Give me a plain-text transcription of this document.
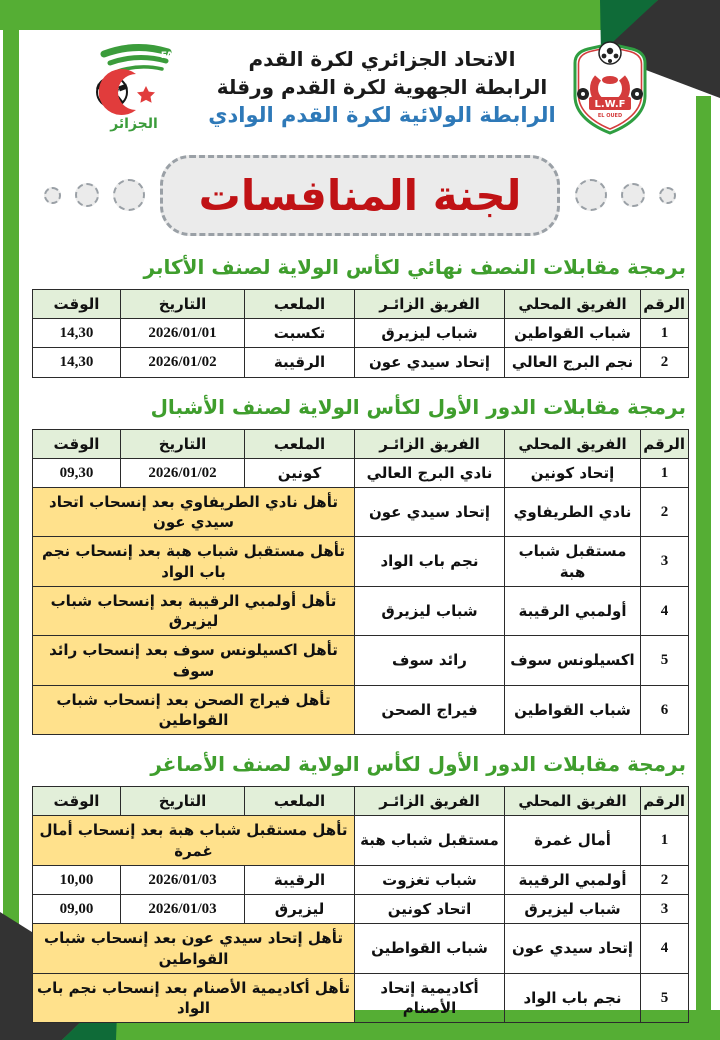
L.W.F
EL OUED
الاتحاد الجزائري لكرة القدم
الرابطة الجهوية لكرة القدم ورقلة
الرابطة الولائية لكرة القدم الوادي
FAF
الجزائر
لجنة المنافسات
برمجة مقابلات النصف نهائي لكأس الولاية لصنف الأكابر
الرقم	الفريق المحلي	الفريق الزائـر	الملعب	التاريخ	الوقت
1	شباب القواطين	شباب ليزيرق	تكسبت	2026/01/01	14,30
2	نجم البرج العالي	إتحاد سيدي عون	الرقيبة	2026/01/02	14,30
برمجة مقابلات الدور الأول لكأس الولاية لصنف الأشبال
الرقم	الفريق المحلي	الفريق الزائـر	الملعب	التاريخ	الوقت
1	إتحاد كونين	نادي البرج العالي	كونين	2026/01/02	09,30
2	نادي الطريفاوي	إتحاد سيدي عون	تأهل نادي الطريفاوي بعد إنسحاب اتحاد سيدي عون		
3	مستقبل شباب هبة	نجم باب الواد	تأهل مستقبل شباب هبة بعد إنسحاب نجم باب الواد		
4	أولمبي الرقيبة	شباب ليزيرق	تأهل أولمبي الرقيبة بعد إنسحاب شباب ليزيرق		
5	اكسيلونس سوف	رائد سوف	تأهل اكسيلونس سوف بعد إنسحاب رائد سوف		
6	شباب القواطين	فيراج الصحن	تأهل فيراج الصحن بعد إنسحاب شباب القواطين		
برمجة مقابلات الدور الأول لكأس الولاية لصنف الأصاغر
الرقم	الفريق المحلي	الفريق الزائـر	الملعب	التاريخ	الوقت
1	أمال غمرة	مستقبل شباب هبة	تأهل مستقبل شباب هبة بعد إنسحاب أمال غمرة		
2	أولمبي الرقيبة	شباب تغزوت	الرقيبة	2026/01/03	10,00
3	شباب ليزيرق	اتحاد كونين	ليزيرق	2026/01/03	09,00
4	إتحاد سيدي عون	شباب القواطين	تأهل إتحاد سيدي عون بعد إنسحاب شباب القواطين		
5	نجم باب الواد	أكاديمية إتحاد الأصنام	تأهل أكاديمية الأصنام بعد إنسحاب نجم باب الواد		
